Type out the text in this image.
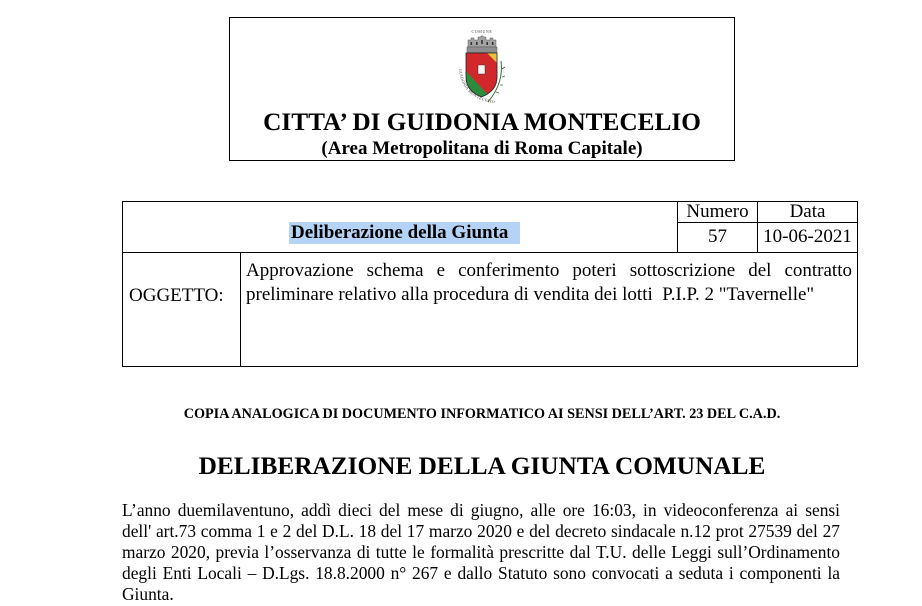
COMUNE
GUIDONIA MONTECELIO
CITTA’ DI GUIDONIA MONTECELIO
(Area Metropolitana di Roma Capitale)
Deliberazione della Giunta
Numero	Data
57	10-06-2021
OGGETTO:
Approvazione schema e conferimento poteri sottoscrizione del contratto
preliminare relativo alla procedura di vendita dei lotti  P.I.P. 2 "Tavernelle"
COPIA ANALOGICA DI DOCUMENTO INFORMATICO AI SENSI DELL’ART. 23 DEL C.A.D.
DELIBERAZIONE DELLA GIUNTA COMUNALE
L’anno duemilaventuno, addì dieci del mese di giugno, alle ore 16:03, in videoconferenza ai sensi
dell' art.73 comma 1 e 2 del D.L. 18 del 17 marzo 2020 e del decreto sindacale n.12 prot 27539 del 27
marzo 2020, previa l’osservanza di tutte le formalità prescritte dal T.U. delle Leggi sull’Ordinamento
degli Enti Locali – D.Lgs. 18.8.2000 n° 267 e dallo Statuto sono convocati a seduta i componenti la
Giunta.
